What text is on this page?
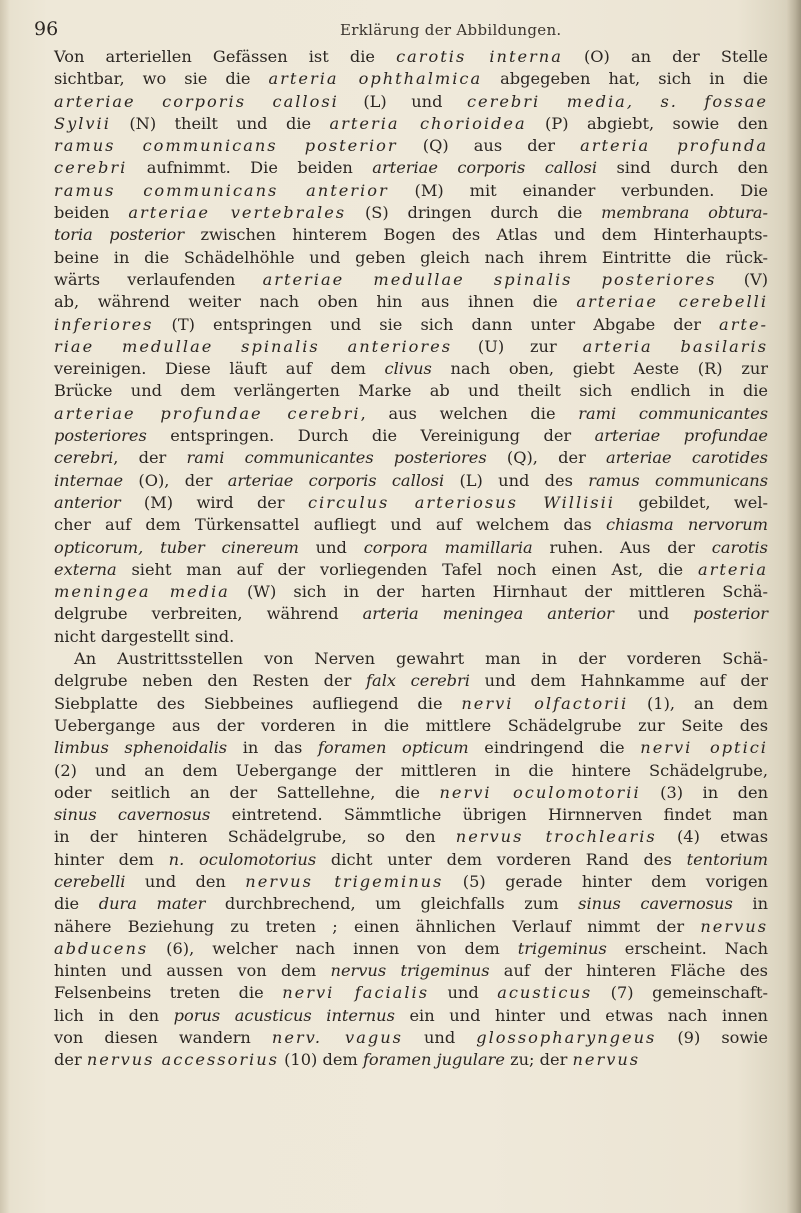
96	Erklärung der Abbildungen.
Von arteriellen Gefässen ist die carotis interna (O) an der Stelle
sichtbar, wo sie die arteria ophthalmica abgegeben hat, sich in die
arteriae corporis callosi (L) und cerebri media, s. fossae
Sylvii (N) theilt und die arteria chorioidea (P) abgiebt, sowie den
ramus communicans posterior (Q) aus der arteria profunda
cerebri aufnimmt. Die beiden arteriae corporis callosi sind durch den
ramus communicans anterior (M) mit einander verbunden. Die
beiden arteriae vertebrales (S) dringen durch die membrana obtura-
toria posterior zwischen hinterem Bogen des Atlas und dem Hinterhaupts-
beine in die Schädelhöhle und geben gleich nach ihrem Eintritte die rück-
wärts verlaufenden arteriae medullae spinalis posteriores (V)
ab, während weiter nach oben hin aus ihnen die arteriae cerebelli
inferiores (T) entspringen und sie sich dann unter Abgabe der arte-
riae medullae spinalis anteriores (U) zur arteria basilaris
vereinigen. Diese läuft auf dem clivus nach oben, giebt Aeste (R) zur
Brücke und dem verlängerten Marke ab und theilt sich endlich in die
arteriae profundae cerebri, aus welchen die rami communicantes
posteriores entspringen. Durch die Vereinigung der arteriae profundae
cerebri, der rami communicantes posteriores (Q), der arteriae carotides
internae (O), der arteriae corporis callosi (L) und des ramus communicans
anterior (M) wird der circulus arteriosus Willisii gebildet, wel-
cher auf dem Türkensattel aufliegt und auf welchem das chiasma nervorum
opticorum, tuber cinereum und corpora mamillaria ruhen. Aus der carotis
externa sieht man auf der vorliegenden Tafel noch einen Ast, die arteria
meningea media (W) sich in der harten Hirnhaut der mittleren Schä-
delgrube verbreiten, während arteria meningea anterior und posterior
nicht dargestellt sind.
An Austrittsstellen von Nerven gewahrt man in der vorderen Schä-
delgrube neben den Resten der falx cerebri und dem Hahnkamme auf der
Siebplatte des Siebbeines aufliegend die nervi olfactorii (1), an dem
Uebergange aus der vorderen in die mittlere Schädelgrube zur Seite des
limbus sphenoidalis in das foramen opticum eindringend die nervi optici
(2) und an dem Uebergange der mittleren in die hintere Schädelgrube,
oder seitlich an der Sattellehne, die nervi oculomotorii (3) in den
sinus cavernosus eintretend. Sämmtliche übrigen Hirnnerven findet man
in der hinteren Schädelgrube, so den nervus trochlearis (4) etwas
hinter dem n. oculomotorius dicht unter dem vorderen Rand des tentorium
cerebelli und den nervus trigeminus (5) gerade hinter dem vorigen
die dura mater durchbrechend, um gleichfalls zum sinus cavernosus in
nähere Beziehung zu treten ; einen ähnlichen Verlauf nimmt der nervus
abducens (6), welcher nach innen von dem trigeminus erscheint. Nach
hinten und aussen von dem nervus trigeminus auf der hinteren Fläche des
Felsenbeins treten die nervi facialis und acusticus (7) gemeinschaft-
lich in den porus acusticus internus ein und hinter und etwas nach innen
von diesen wandern nerv. vagus und glossopharyngeus (9) sowie
der nervus accessorius (10) dem foramen jugulare zu; der nervus
